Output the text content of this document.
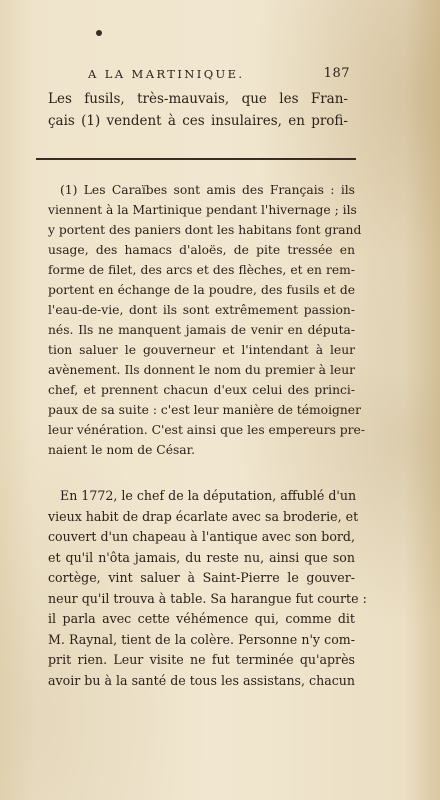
A LA MARTINIQUE.	187
Les fusils, très-mauvais, que les Fran-
çais (1) vendent à ces insulaires, en profi-
(1) Les Caraïbes sont amis des Français : ils
viennent à la Martinique pendant l'hivernage ; ils
y portent des paniers dont les habitans font grand
usage, des hamacs d'aloës, de pite tressée en
forme de filet, des arcs et des flèches, et en rem-
portent en échange de la poudre, des fusils et de
l'eau-de-vie, dont ils sont extrêmement passion-
nés. Ils ne manquent jamais de venir en députa-
tion saluer le gouverneur et l'intendant à leur
avènement. Ils donnent le nom du premier à leur
chef, et prennent chacun d'eux celui des princi-
paux de sa suite : c'est leur manière de témoigner
leur vénération. C'est ainsi que les empereurs pre-
naient le nom de César.
En 1772, le chef de la députation, affublé d'un
vieux habit de drap écarlate avec sa broderie, et
couvert d'un chapeau à l'antique avec son bord,
et qu'il n'ôta jamais, du reste nu, ainsi que son
cortège, vint saluer à Saint-Pierre le gouver-
neur qu'il trouva à table. Sa harangue fut courte :
il parla avec cette véhémence qui, comme dit
M. Raynal, tient de la colère. Personne n'y com-
prit rien. Leur visite ne fut terminée qu'après
avoir bu à la santé de tous les assistans, chacun
